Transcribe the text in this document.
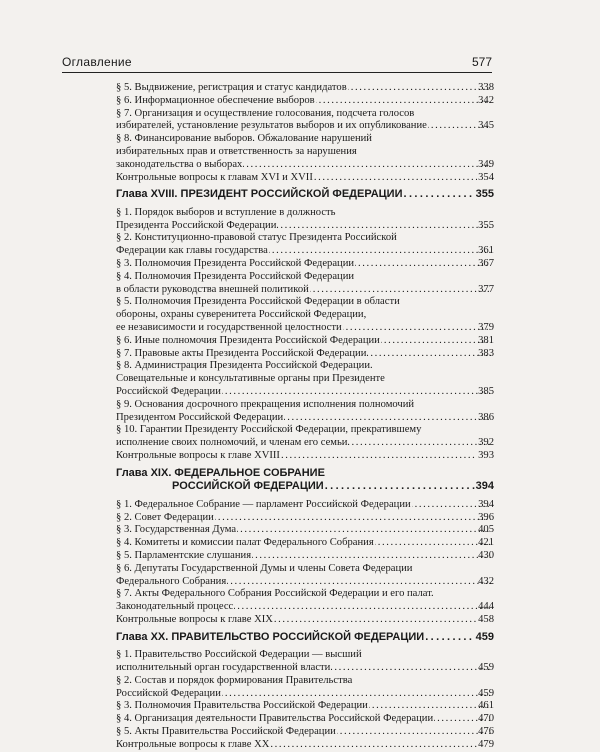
Оглавление	577
§ 5. Выдвижение, регистрация и статус кандидатов .....	338
§ 6. Информационное обеспечение выборов .....	342
§ 7. Организация и осуществление голосования, подсчета голосов
избирателей, установление результатов выборов и их опубликование .....	345
§ 8. Финансирование выборов. Обжалование нарушений
избирательных прав и ответственность за нарушения
законодательства о выборах .....	349
Контрольные вопросы к главам XVI и XVII .....	354
Глава XVIII. ПРЕЗИДЕНТ РОССИЙСКОЙ ФЕДЕРАЦИИ .....	355
§ 1. Порядок выборов и вступление в должность
Президента Российской Федерации .....	355
§ 2. Конституционно-правовой статус Президента Российской
Федерации как главы государства .....	361
§ 3. Полномочия Президента Российской Федерации .....	367
§ 4. Полномочия Президента Российской Федерации
в области руководства внешней политикой .....	377
§ 5. Полномочия Президента Российской Федерации в области
обороны, охраны суверенитета Российской Федерации,
ее независимости и государственной целостности .....	379
§ 6. Иные полномочия Президента Российской Федерации .....	381
§ 7. Правовые акты Президента Российской Федерации .....	383
§ 8. Администрация Президента Российской Федерации.
Совещательные и консультативные органы при Президенте
Российской Федерации .....	385
§ 9. Основания досрочного прекращения исполнения полномочий
Президентом Российской Федерации .....	386
§ 10. Гарантии Президенту Российской Федерации, прекратившему
исполнение своих полномочий, и членам его семьи .....	392
Контрольные вопросы к главе XVIII .....	393
Глава XIX. ФЕДЕРАЛЬНОЕ СОБРАНИЕ
РОССИЙСКОЙ ФЕДЕРАЦИИ .....	394
§ 1. Федеральное Собрание — парламент Российской Федерации .....	394
§ 2. Совет Федерации .....	396
§ 3. Государственная Дума .....	405
§ 4. Комитеты и комиссии палат Федерального Собрания .....	421
§ 5. Парламентские слушания .....	430
§ 6. Депутаты Государственной Думы и члены Совета Федерации
Федерального Собрания .....	432
§ 7. Акты Федерального Собрания Российской Федерации и его палат.
Законодательный процесс .....	444
Контрольные вопросы к главе XIX .....	458
Глава XX. ПРАВИТЕЛЬСТВО РОССИЙСКОЙ ФЕДЕРАЦИИ .....	459
§ 1. Правительство Российской Федерации — высший
исполнительный орган государственной власти .....	459
§ 2. Состав и порядок формирования Правительства
Российской Федерации .....	459
§ 3. Полномочия Правительства Российской Федерации .....	461
§ 4. Организация деятельности Правительства Российской Федерации .....	470
§ 5. Акты Правительства Российской Федерации .....	476
Контрольные вопросы к главе XX .....	479
